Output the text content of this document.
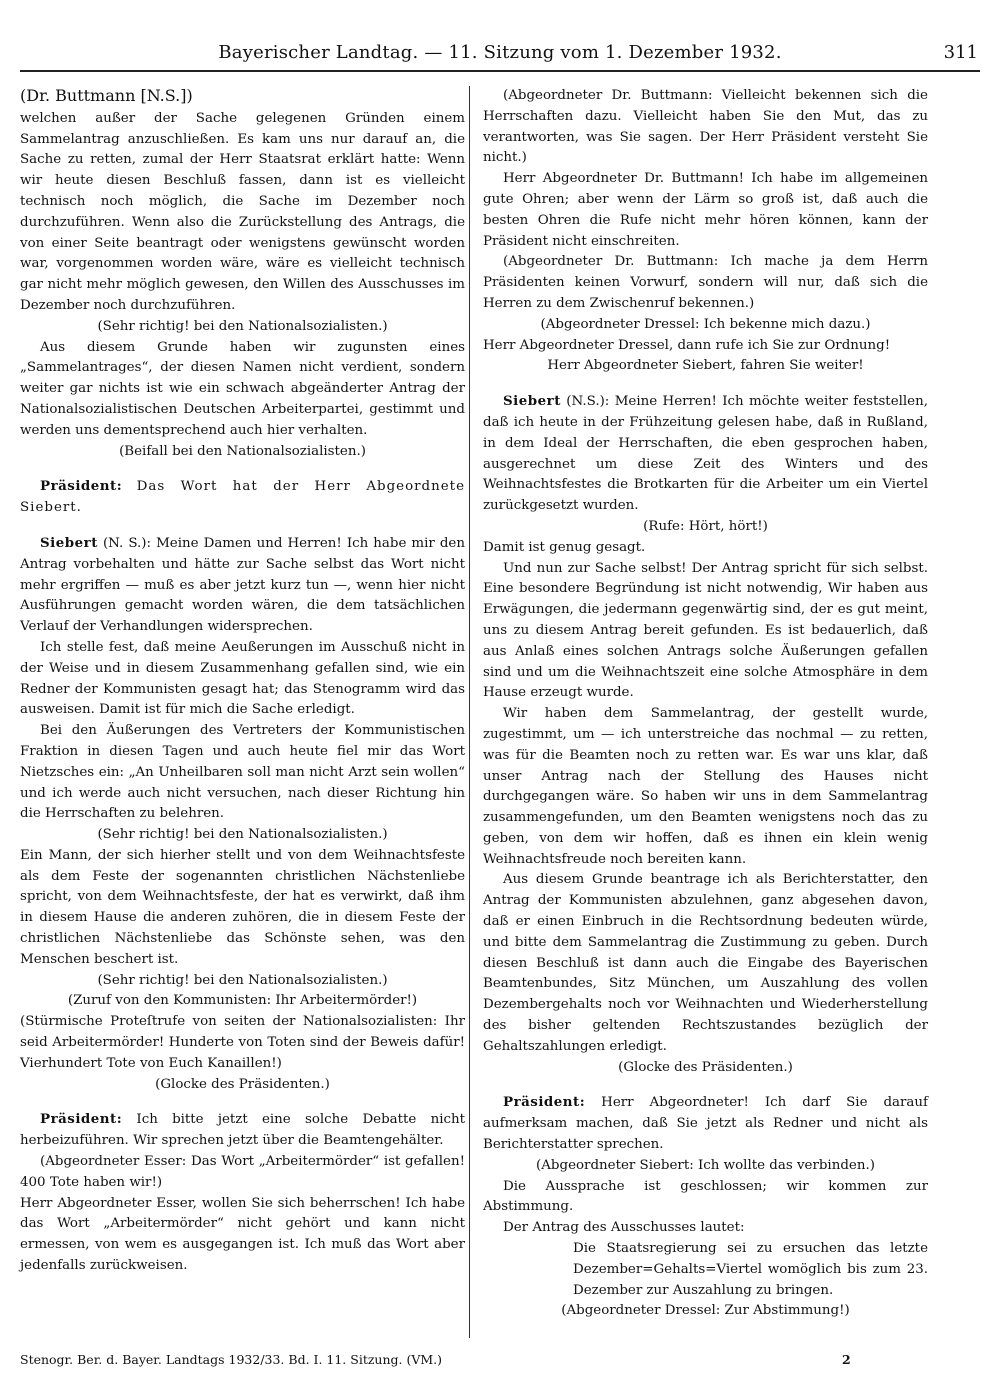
Bayerischer Landtag. — 11. Sitzung vom 1. Dezember 1932.	311

(Dr. Buttmann [N.S.])

welchen außer der Sache gelegenen Gründen einem Sammelantrag anzuschließen. Es kam uns nur darauf an, die Sache zu retten, zumal der Herr Staatsrat erklärt hatte: Wenn wir heute diesen Beschluß fassen, dann ist es vielleicht technisch noch möglich, die Sache im Dezember noch durchzuführen. Wenn also die Zurückstellung des Antrags, die von einer Seite beantragt oder wenigstens gewünscht worden war, vorgenommen worden wäre, wäre es vielleicht technisch gar nicht mehr möglich gewesen, den Willen des Ausschusses im Dezember noch durchzuführen.

(Sehr richtig! bei den Nationalsozialisten.)

Aus diesem Grunde haben wir zugunsten eines „Sammelantrages“, der diesen Namen nicht verdient, sondern weiter gar nichts ist wie ein schwach abgeänderter Antrag der Nationalsozialistischen Deutschen Arbeiterpartei, gestimmt und werden uns dementsprechend auch hier verhalten.

(Beifall bei den Nationalsozialisten.)

Präsident: Das Wort hat der Herr Abgeordnete Siebert.

Siebert (N. S.): Meine Damen und Herren! Ich habe mir den Antrag vorbehalten und hätte zur Sache selbst das Wort nicht mehr ergriffen — muß es aber jetzt kurz tun —, wenn hier nicht Ausführungen gemacht worden wären, die dem tatsächlichen Verlauf der Verhandlungen widersprechen.

Ich stelle fest, daß meine Aeußerungen im Ausschuß nicht in der Weise und in diesem Zusammenhang gefallen sind, wie ein Redner der Kommunisten gesagt hat; das Stenogramm wird das ausweisen. Damit ist für mich die Sache erledigt.

Bei den Äußerungen des Vertreters der Kommunistischen Fraktion in diesen Tagen und auch heute fiel mir das Wort Nietzsches ein: „An Unheilbaren soll man nicht Arzt sein wollen“ und ich werde auch nicht versuchen, nach dieser Richtung hin die Herrschaften zu belehren.

(Sehr richtig! bei den Nationalsozialisten.)

Ein Mann, der sich hierher stellt und von dem Weihnachtsfeste als dem Feste der sogenannten christlichen Nächstenliebe spricht, von dem Weihnachtsfeste, der hat es verwirkt, daß ihm in diesem Hause die anderen zuhören, die in diesem Feste der christlichen Nächstenliebe das Schönste sehen, was den Menschen beschert ist.

(Sehr richtig! bei den Nationalsozialisten.)

(Zuruf von den Kommunisten: Ihr Arbeitermörder!)

(Stürmische Proteſtrufe von seiten der Nationalsozialisten: Ihr seid Arbeitermörder! Hunderte von Toten sind der Beweis dafür! Vierhundert Tote von Euch Kanaillen!)

(Glocke des Präsidenten.)

Präsident: Ich bitte jetzt eine solche Debatte nicht herbeizuführen. Wir sprechen jetzt über die Beamtengehälter.

(Abgeordneter Esser: Das Wort „Arbeitermörder“ ist gefallen! 400 Tote haben wir!)

Herr Abgeordneter Esser, wollen Sie sich beherrschen! Ich habe das Wort „Arbeitermörder“ nicht gehört und kann nicht ermessen, von wem es ausgegangen ist. Ich muß das Wort aber jedenfalls zurückweisen.

(Abgeordneter Dr. Buttmann: Vielleicht bekennen sich die Herrschaften dazu. Vielleicht haben Sie den Mut, das zu verantworten, was Sie sagen. Der Herr Präsident versteht Sie nicht.)

Herr Abgeordneter Dr. Buttmann! Ich habe im allgemeinen gute Ohren; aber wenn der Lärm so groß ist, daß auch die besten Ohren die Rufe nicht mehr hören können, kann der Präsident nicht einschreiten.

(Abgeordneter Dr. Buttmann: Ich mache ja dem Herrn Präsidenten keinen Vorwurf, sondern will nur, daß sich die Herren zu dem Zwischenruf bekennen.)

(Abgeordneter Dressel: Ich bekenne mich dazu.)

Herr Abgeordneter Dressel, dann rufe ich Sie zur Ordnung!

Herr Abgeordneter Siebert, fahren Sie weiter!

Siebert (N.S.): Meine Herren! Ich möchte weiter feststellen, daß ich heute in der Frühzeitung gelesen habe, daß in Rußland, in dem Ideal der Herrschaften, die eben gesprochen haben, ausgerechnet um diese Zeit des Winters und des Weihnachtsfestes die Brotkarten für die Arbeiter um ein Viertel zurückgesetzt wurden.

(Rufe: Hört, hört!)

Damit ist genug gesagt.

Und nun zur Sache selbst! Der Antrag spricht für sich selbst. Eine besondere Begründung ist nicht notwendig, Wir haben aus Erwägungen, die jedermann gegenwärtig sind, der es gut meint, uns zu diesem Antrag bereit gefunden. Es ist bedauerlich, daß aus Anlaß eines solchen Antrags solche Äußerungen gefallen sind und um die Weihnachtszeit eine solche Atmosphäre in dem Hause erzeugt wurde.

Wir haben dem Sammelantrag, der gestellt wurde, zugestimmt, um — ich unterstreiche das nochmal — zu retten, was für die Beamten noch zu retten war. Es war uns klar, daß unser Antrag nach der Stellung des Hauses nicht durchgegangen wäre. So haben wir uns in dem Sammelantrag zusammengefunden, um den Beamten wenigstens noch das zu geben, von dem wir hoffen, daß es ihnen ein klein wenig Weihnachtsfreude noch bereiten kann.

Aus diesem Grunde beantrage ich als Berichterstatter, den Antrag der Kommunisten abzulehnen, ganz abgesehen davon, daß er einen Einbruch in die Rechtsordnung bedeuten würde, und bitte dem Sammelantrag die Zustimmung zu geben. Durch diesen Beschluß ist dann auch die Eingabe des Bayerischen Beamtenbundes, Sitz München, um Auszahlung des vollen Dezembergehalts noch vor Weihnachten und Wiederherstellung des bisher geltenden Rechtszustandes bezüglich der Gehaltszahlungen erledigt.

(Glocke des Präsidenten.)

Präsident: Herr Abgeordneter! Ich darf Sie darauf aufmerksam machen, daß Sie jetzt als Redner und nicht als Berichterstatter sprechen.

(Abgeordneter Siebert: Ich wollte das verbinden.)

Die Aussprache ist geschlossen; wir kommen zur Abstimmung.

Der Antrag des Ausschusses lautet:

Die Staatsregierung sei zu ersuchen das letzte Dezember=Gehalts=Viertel womöglich bis zum 23. Dezember zur Auszahlung zu bringen.

(Abgeordneter Dressel: Zur Abstimmung!)

Stenogr. Ber. d. Bayer. Landtags 1932/33. Bd. I. 11. Sitzung. (VM.)	2
